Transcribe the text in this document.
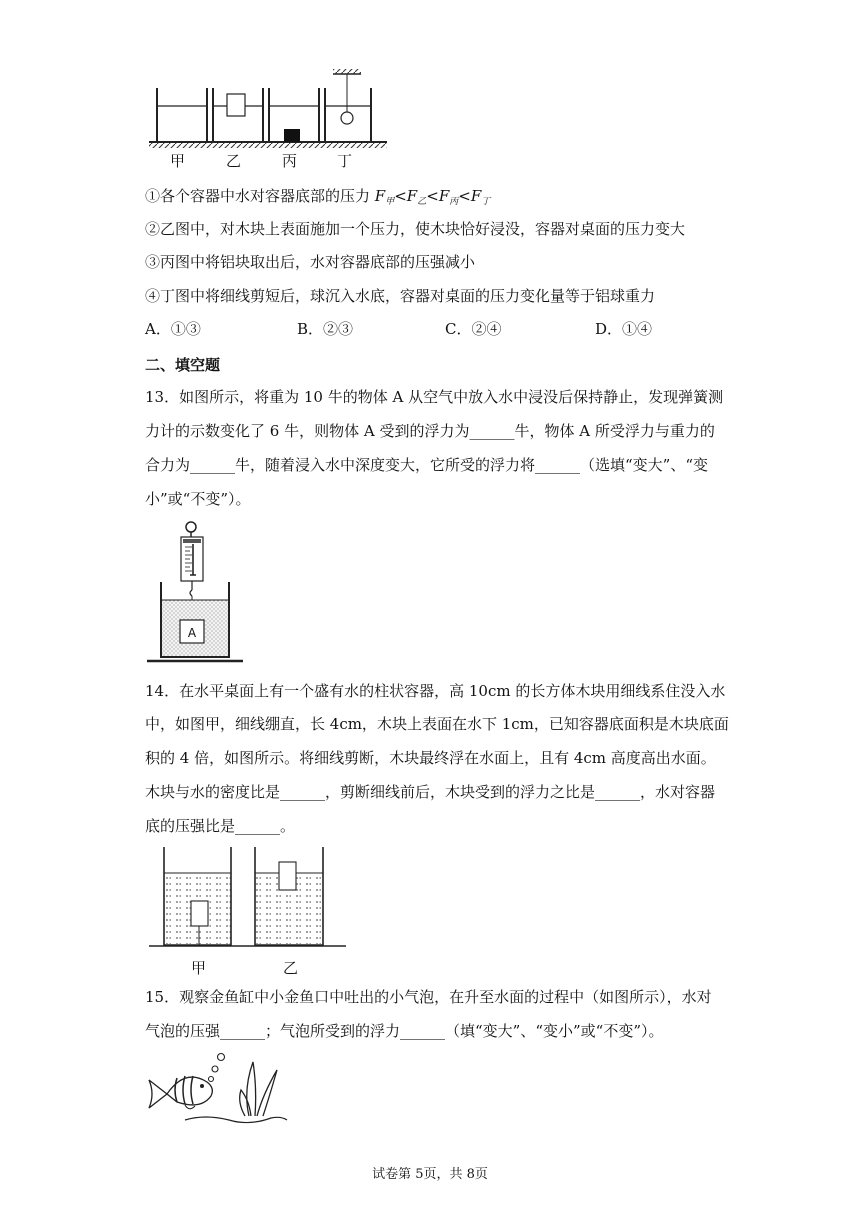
甲	乙	丙	丁
①各个容器中水对容器底部的压力 $F_甲<F_乙<F_丙<F_丁$
②乙图中，对木块上表面施加一个压力，使木块恰好浸没，容器对桌面的压力变大
③丙图中将铝块取出后，水对容器底部的压强减小
④丁图中将细线剪短后，球沉入水底，容器对桌面的压力变化量等于铝球重力
A．①③	B．②③	C．②④	D．①④
二、填空题
13．如图所示，将重为 10 牛的物体 A 从空气中放入水中浸没后保持静止，发现弹簧测
力计的示数变化了 6 牛，则物体 A 受到的浮力为______牛，物体 A 所受浮力与重力的
合力为______牛，随着浸入水中深度变大，它所受的浮力将______（选填“变大”、“变
小”或“不变”）。
A
14．在水平桌面上有一个盛有水的柱状容器，高 10cm 的长方体木块用细线系住没入水
中，如图甲，细线绷直，长 4cm，木块上表面在水下 1cm，已知容器底面积是木块底面
积的 4 倍，如图所示。将细线剪断，木块最终浮在水面上，且有 4cm 高度高出水面。
木块与水的密度比是______，剪断细线前后，木块受到的浮力之比是______，水对容器
底的压强比是______。
甲	乙
15．观察金鱼缸中小金鱼口中吐出的小气泡，在升至水面的过程中（如图所示），水对
气泡的压强______；气泡所受到的浮力______（填“变大”、“变小”或“不变”）。
试卷第 5页，共 8页
